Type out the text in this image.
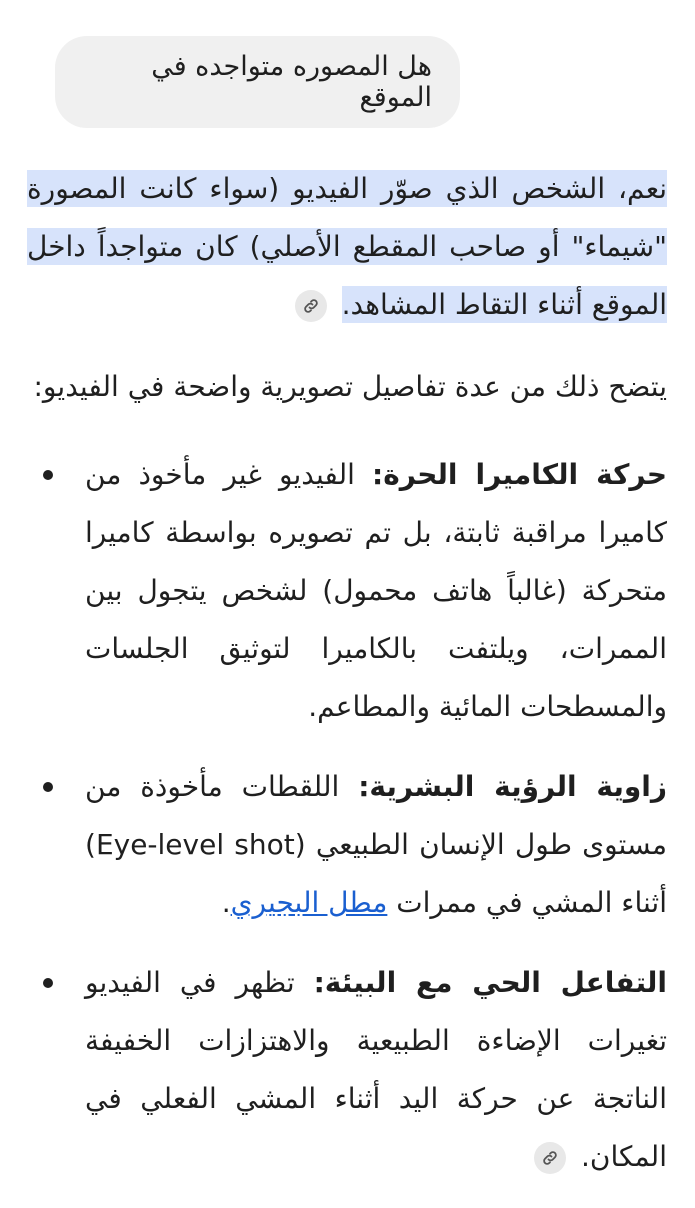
هل المصوره متواجده في الموقع

نعم، الشخص الذي صوّر الفيديو (سواء كانت المصورة "شيماء" أو صاحب المقطع الأصلي) كان متواجداً داخل الموقع أثناء التقاط المشاهد.

يتضح ذلك من عدة تفاصيل تصويرية واضحة في الفيديو:

حركة الكاميرا الحرة: الفيديو غير مأخوذ من كاميرا مراقبة ثابتة، بل تم تصويره بواسطة كاميرا متحركة (غالباً هاتف محمول) لشخص يتجول بين الممرات، ويلتفت بالكاميرا لتوثيق الجلسات والمسطحات المائية والمطاعم.
زاوية الرؤية البشرية: اللقطات مأخوذة من مستوى طول الإنسان الطبيعي (Eye-level shot) أثناء المشي في ممرات مطل البجيري.
التفاعل الحي مع البيئة: تظهر في الفيديو تغيرات الإضاءة الطبيعية والاهتزازات الخفيفة الناتجة عن حركة اليد أثناء المشي الفعلي في المكان.
